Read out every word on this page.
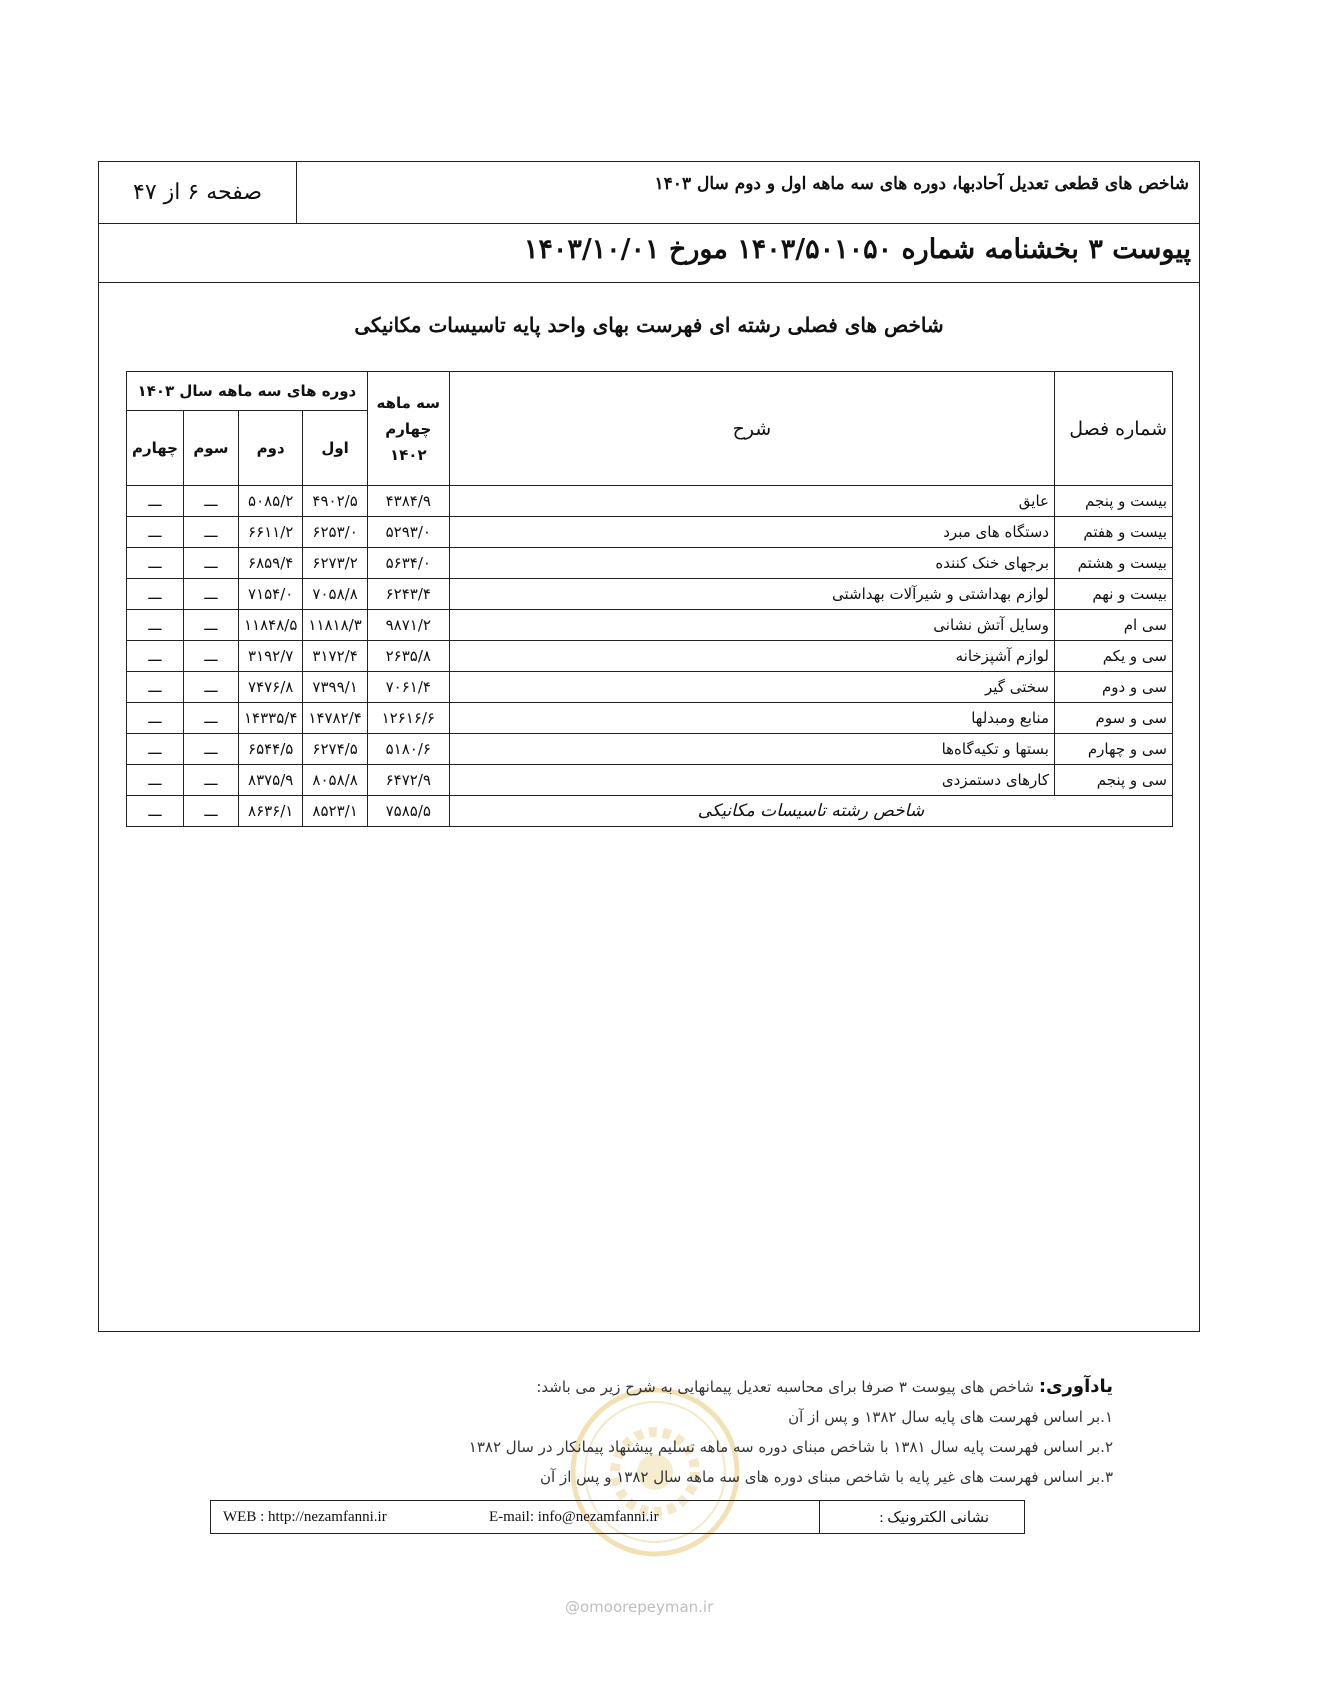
صفحه ۶ از ۴۷	شاخص های قطعی تعدیل آحادبها، دوره های سه ماهه اول و دوم سال ۱۴۰۳
پیوست ۳ بخشنامه شماره ۱۴۰۳/۵۰۱۰۵۰ مورخ ۱۴۰۳/۱۰/۰۱
شاخص های فصلی رشته ای فهرست بهای واحد پایه تاسیسات مکانیکی
شماره فصل	شرح	سه ماهه چهارم ۱۴۰۲	دوره های سه ماهه سال ۱۴۰۳			
			اول	دوم	سوم	چهارم
بیست و پنجم	عایق	۴۳۸۴/۹	۴۹۰۲/۵	۵۰۸۵/۲	ـــ	ـــ
بیست و هفتم	دستگاه های مبرد	۵۲۹۳/۰	۶۲۵۳/۰	۶۶۱۱/۲	ـــ	ـــ
بیست و هشتم	برجهای خنک کننده	۵۶۳۴/۰	۶۲۷۳/۲	۶۸۵۹/۴	ـــ	ـــ
بیست و نهم	لوازم بهداشتی و شیرآلات بهداشتی	۶۲۴۳/۴	۷۰۵۸/۸	۷۱۵۴/۰	ـــ	ـــ
سی ام	وسایل آتش نشانی	۹۸۷۱/۲	۱۱۸۱۸/۳	۱۱۸۴۸/۵	ـــ	ـــ
سی و یکم	لوازم آشپزخانه	۲۶۳۵/۸	۳۱۷۲/۴	۳۱۹۲/۷	ـــ	ـــ
سی و دوم	سختی گیر	۷۰۶۱/۴	۷۳۹۹/۱	۷۴۷۶/۸	ـــ	ـــ
سی و سوم	منابع ومبدلها	۱۲۶۱۶/۶	۱۴۷۸۲/۴	۱۴۳۳۵/۴	ـــ	ـــ
سی و چهارم	بستها و تکیه‌گاه‌ها	۵۱۸۰/۶	۶۲۷۴/۵	۶۵۴۴/۵	ـــ	ـــ
سی و پنجم	کارهای دستمزدی	۶۴۷۲/۹	۸۰۵۸/۸	۸۳۷۵/۹	ـــ	ـــ
شاخص رشته تاسیسات مکانیکی		۷۵۸۵/۵	۸۵۲۳/۱	۸۶۳۶/۱	ـــ	ـــ
یادآوری: شاخص های پیوست ۳ صرفا برای محاسبه تعدیل پیمانهایی به شرح زیر می باشد:
۱.بر اساس فهرست های پایه سال ۱۳۸۲ و پس از آن
۲.بر اساس فهرست پایه سال ۱۳۸۱ با شاخص مبنای دوره سه ماهه تسلیم پیشنهاد پیمانکار در سال ۱۳۸۲
۳.بر اساس فهرست های غیر پایه با شاخص مبنای دوره های سه ماهه سال ۱۳۸۲ و پس از آن
نشانی الکترونیک :
WEB : http://nezamfanni.ir	E-mail: info@nezamfanni.ir
@omoorepeyman.ir
